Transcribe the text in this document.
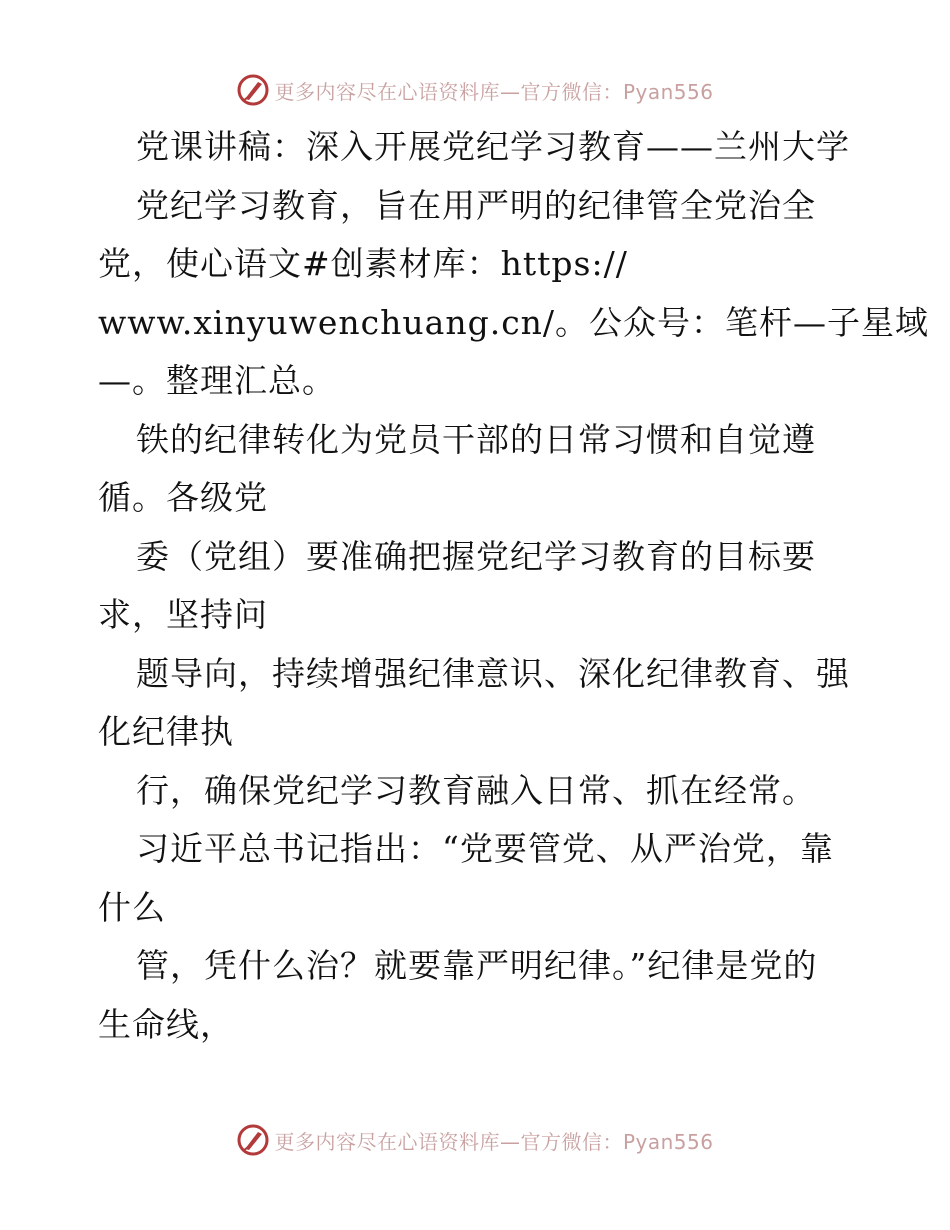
更多内容尽在心语资料库—官方微信：Pyan556
党课讲稿：深入开展党纪学习教育——兰州大学
党纪学习教育，旨在用严明的纪律管全党治全
党，使心语文#创素材库：https://
www.xinyuwenchuang.cn/。公众号：笔杆—子星域
—。整理汇总。
铁的纪律转化为党员干部的日常习惯和自觉遵
循。各级党
委（党组）要准确把握党纪学习教育的目标要
求，坚持问
题导向，持续增强纪律意识、深化纪律教育、强
化纪律执
行，确保党纪学习教育融入日常、抓在经常。
习近平总书记指出：“党要管党、从严治党，靠
什么
管，凭什么治？就要靠严明纪律。”纪律是党的
生命线，
更多内容尽在心语资料库—官方微信：Pyan556
